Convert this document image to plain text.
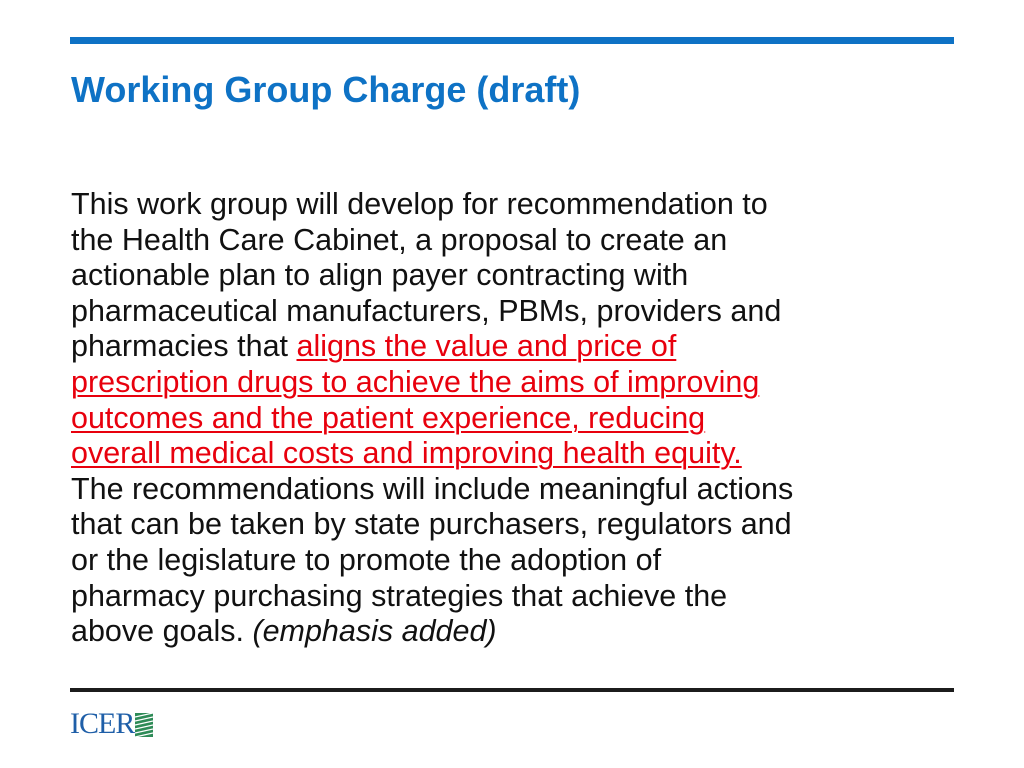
Working Group Charge (draft)
This work group will develop for recommendation to
the Health Care Cabinet, a proposal to create an
actionable plan to align payer contracting with
pharmaceutical manufacturers, PBMs, providers and
pharmacies that aligns the value and price of
prescription drugs to achieve the aims of improving
outcomes and the patient experience, reducing
overall medical costs and improving health equity.
The recommendations will include meaningful actions
that can be taken by state purchasers, regulators and
or the legislature to promote the adoption of
pharmacy purchasing strategies that achieve the
above goals. (emphasis added)
ICER
